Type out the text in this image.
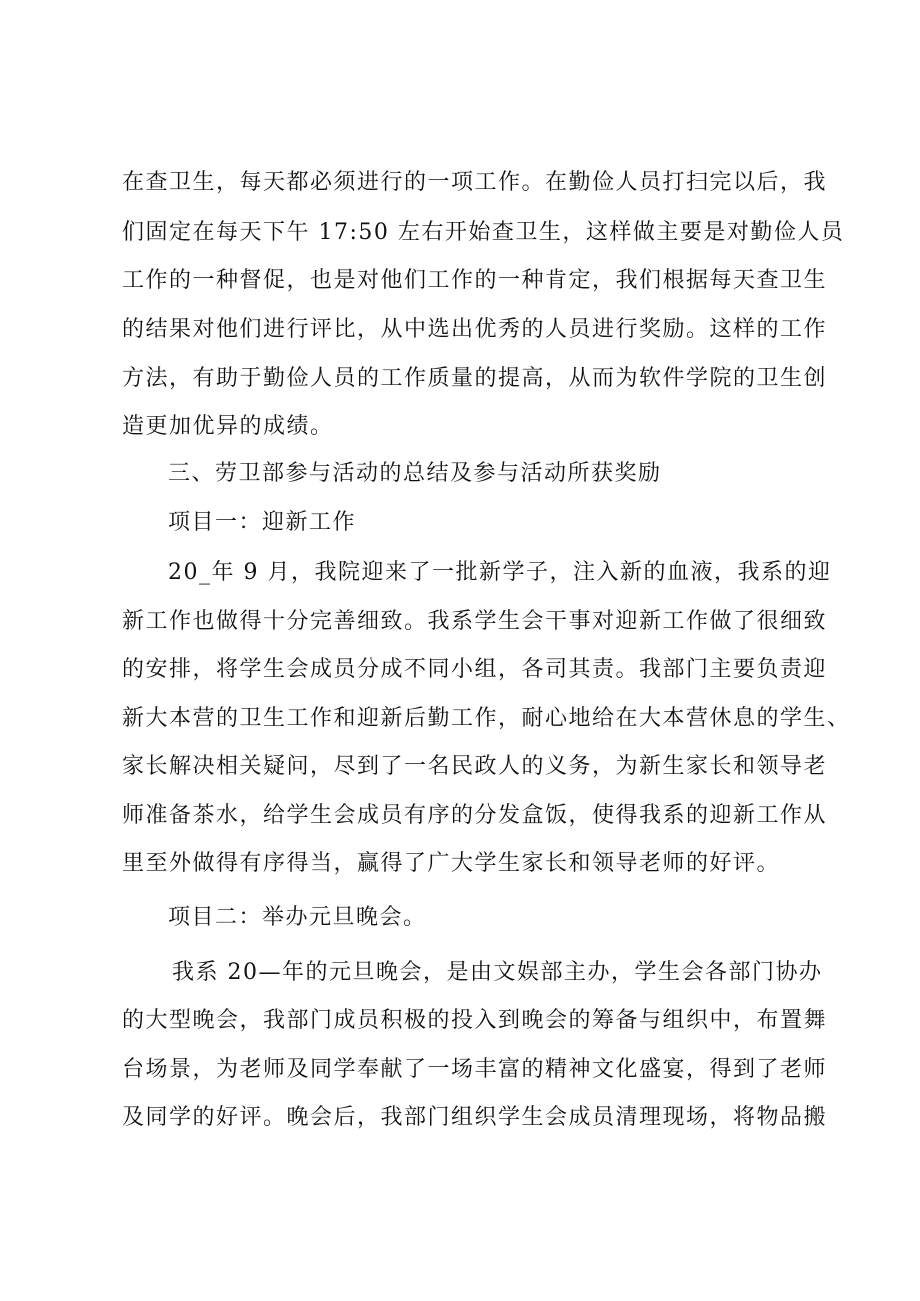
在查卫生，每天都必须进行的一项工作。在勤俭人员打扫完以后，我
们固定在每天下午 17:50 左右开始查卫生，这样做主要是对勤俭人员
工作的一种督促，也是对他们工作的一种肯定，我们根据每天查卫生
的结果对他们进行评比，从中选出优秀的人员进行奖励。这样的工作
方法，有助于勤俭人员的工作质量的提高，从而为软件学院的卫生创
造更加优异的成绩。
三、劳卫部参与活动的总结及参与活动所获奖励
项目一：迎新工作
20_年 9 月，我院迎来了一批新学子，注入新的血液，我系的迎
新工作也做得十分完善细致。我系学生会干事对迎新工作做了很细致
的安排，将学生会成员分成不同小组，各司其责。我部门主要负责迎
新大本营的卫生工作和迎新后勤工作，耐心地给在大本营休息的学生、
家长解决相关疑问，尽到了一名民政人的义务，为新生家长和领导老
师准备茶水，给学生会成员有序的分发盒饭，使得我系的迎新工作从
里至外做得有序得当，赢得了广大学生家长和领导老师的好评。
项目二：举办元旦晚会。
我系 20—年的元旦晚会，是由文娱部主办，学生会各部门协办
的大型晚会，我部门成员积极的投入到晚会的筹备与组织中，布置舞
台场景，为老师及同学奉献了一场丰富的精神文化盛宴，得到了老师
及同学的好评。晚会后，我部门组织学生会成员清理现场，将物品搬
